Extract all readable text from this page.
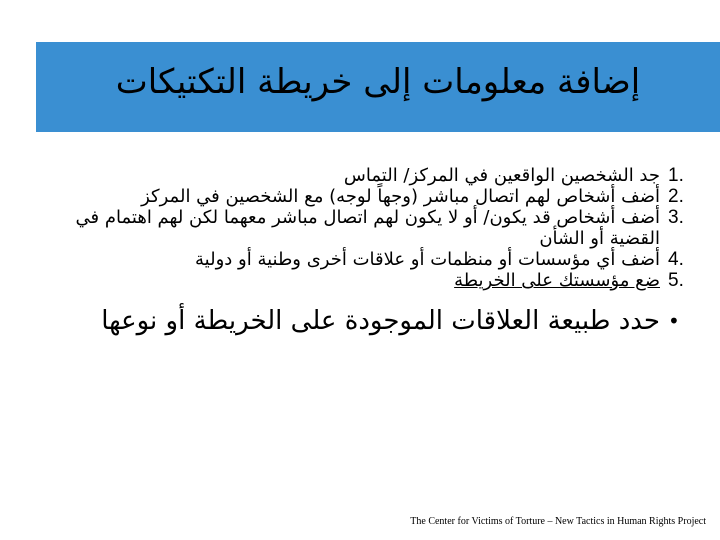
إضافة معلومات إلى خريطة التكتيكات
1.
جد الشخصين الواقعين في المركز/ التماس
2.
أضف أشخاص لهم اتصال مباشر (وجهاً لوجه) مع الشخصين في المركز
3.
أضف أشخاص قد يكون/ أو لا يكون لهم اتصال مباشر معهما لكن لهم اهتمام في القضية أو الشأن
4.
أضف أي مؤسسات أو منظمات أو علاقات أخرى وطنية أو دولية
5.
ضع مؤسستك على الخريطة
•
حدد طبيعة العلاقات الموجودة على الخريطة أو نوعها
The Center for Victims of Torture – New Tactics in Human Rights Project
